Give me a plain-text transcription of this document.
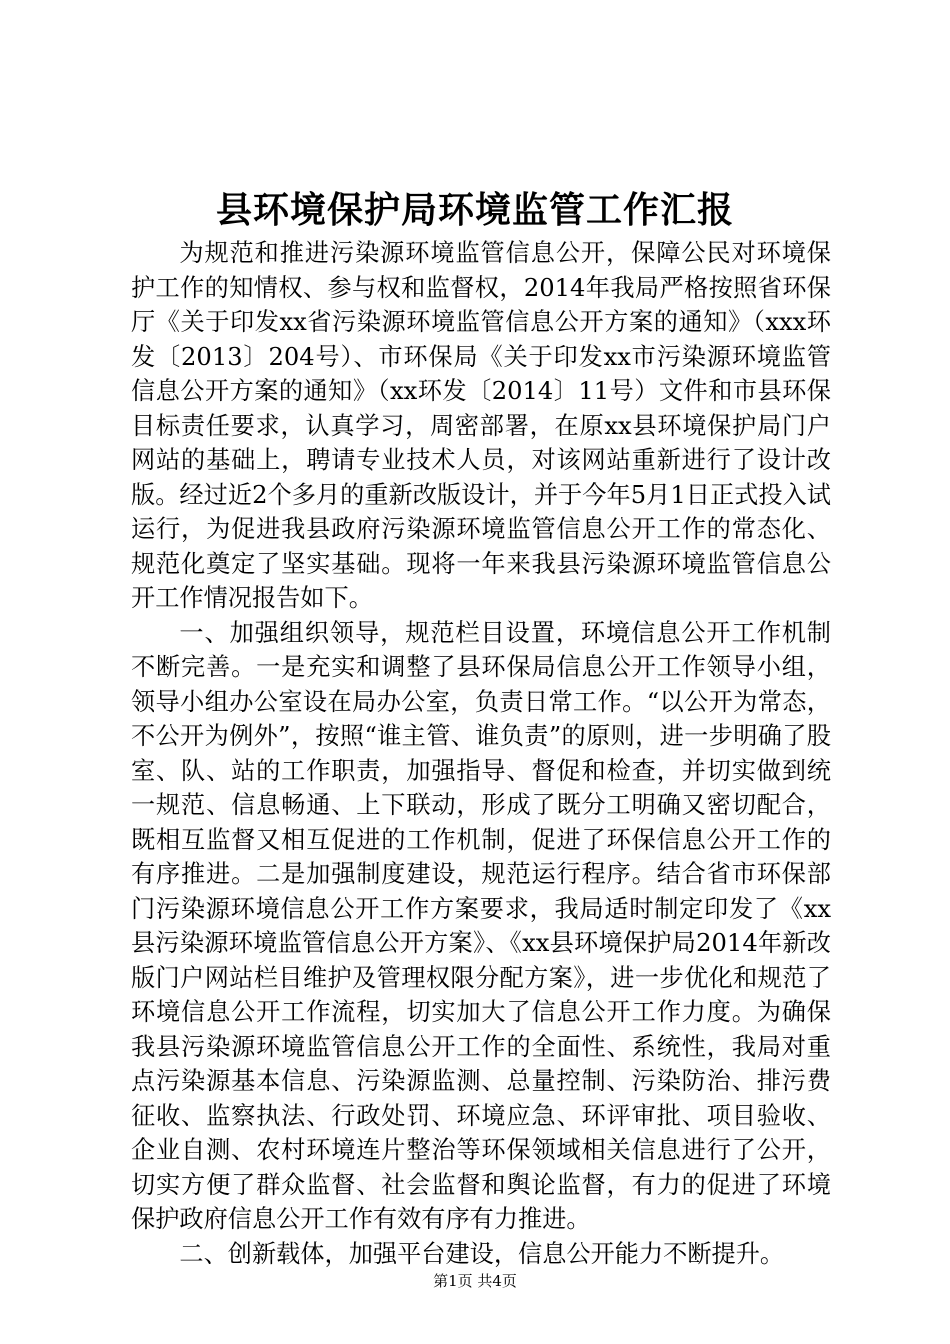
县环境保护局环境监管工作汇报

为规范和推进污染源环境监管信息公开，保障公民对环境保护工作的知情权、参与权和监督权，2014年我局严格按照省环保厅《关于印发xx省污染源环境监管信息公开方案的通知》（xxx环发〔2013〕204号）、市环保局《关于印发xx市污染源环境监管信息公开方案的通知》（xx环发〔2014〕11号）文件和市县环保目标责任要求，认真学习，周密部署，在原xx县环境保护局门户网站的基础上，聘请专业技术人员，对该网站重新进行了设计改版。经过近2个多月的重新改版设计，并于今年5月1日正式投入试运行，为促进我县政府污染源环境监管信息公开工作的常态化、规范化奠定了坚实基础。现将一年来我县污染源环境监管信息公开工作情况报告如下。

一、加强组织领导，规范栏目设置，环境信息公开工作机制不断完善。一是充实和调整了县环保局信息公开工作领导小组，领导小组办公室设在局办公室，负责日常工作。“以公开为常态，不公开为例外”，按照“谁主管、谁负责”的原则，进一步明确了股室、队、站的工作职责，加强指导、督促和检查，并切实做到统一规范、信息畅通、上下联动，形成了既分工明确又密切配合，既相互监督又相互促进的工作机制，促进了环保信息公开工作的有序推进。二是加强制度建设，规范运行程序。结合省市环保部门污染源环境信息公开工作方案要求，我局适时制定印发了《xx县污染源环境监管信息公开方案》、《xx县环境保护局2014年新改版门户网站栏目维护及管理权限分配方案》，进一步优化和规范了环境信息公开工作流程，切实加大了信息公开工作力度。为确保我县污染源环境监管信息公开工作的全面性、系统性，我局对重点污染源基本信息、污染源监测、总量控制、污染防治、排污费征收、监察执法、行政处罚、环境应急、环评审批、项目验收、企业自测、农村环境连片整治等环保领域相关信息进行了公开，切实方便了群众监督、社会监督和舆论监督，有力的促进了环境保护政府信息公开工作有效有序有力推进。

二、创新载体，加强平台建设，信息公开能力不断提升。

第1页 共4页
